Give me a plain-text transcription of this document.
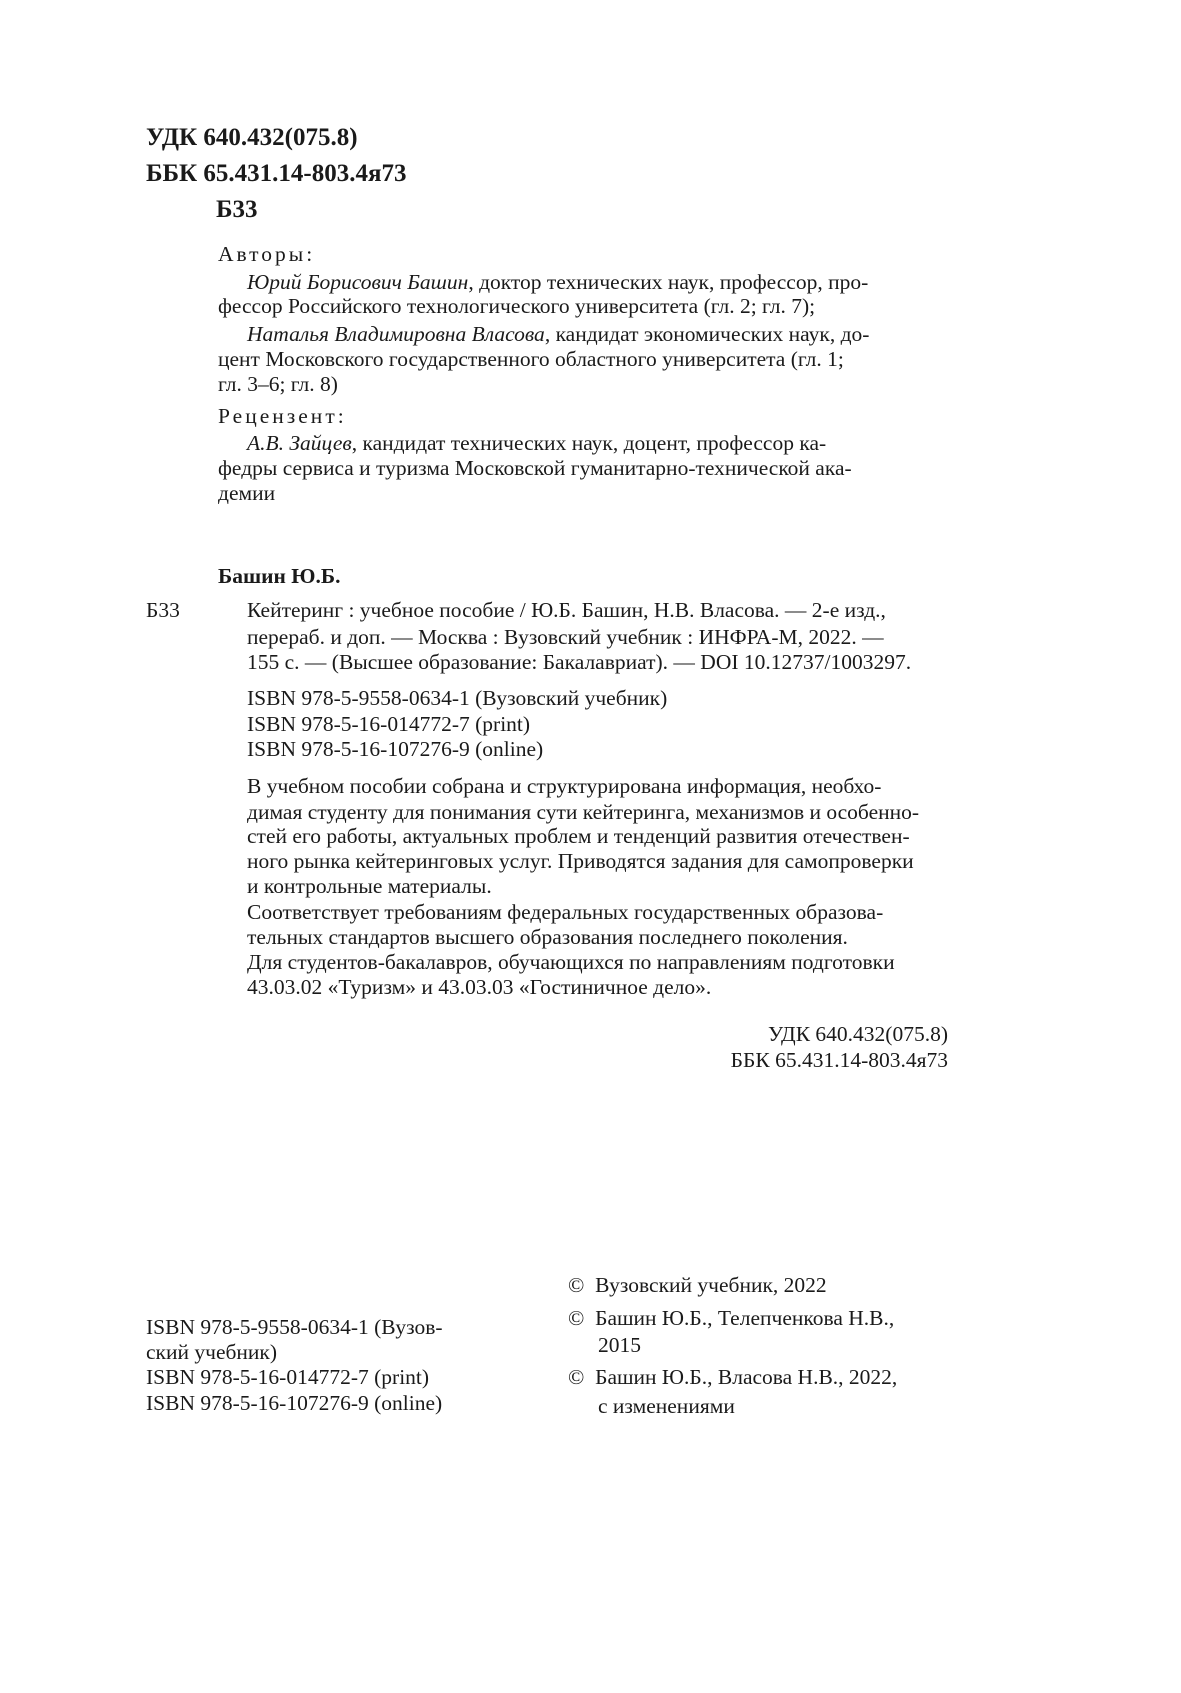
УДК 640.432(075.8)
ББК 65.431.14-803.4я73
Б33
Авторы:
Юрий Борисович Башин, доктор технических наук, профессор, про-
фессор Российского технологического университета (гл. 2; гл. 7);
Наталья Владимировна Власова, кандидат экономических наук, до-
цент Московского государственного областного университета (гл. 1;
гл. 3–6; гл. 8)
Рецензент:
А.В. Зайцев, кандидат технических наук, доцент, профессор ка-
федры сервиса и туризма Московской гуманитарно-технической ака-
демии
Башин Ю.Б.
Б33	Кейтеринг : учебное пособие / Ю.Б. Башин, Н.В. Власова. — 2-е изд.,
перераб. и доп. — Москва : Вузовский учебник : ИНФРА-М, 2022. —
155 с. — (Высшее образование: Бакалавриат). — DOI 10.12737/1003297.
ISBN 978-5-9558-0634-1 (Вузовский учебник)
ISBN 978-5-16-014772-7 (print)
ISBN 978-5-16-107276-9 (online)
В учебном пособии собрана и структурирована информация, необхо-
димая студенту для понимания сути кейтеринга, механизмов и особенно-
стей его работы, актуальных проблем и тенденций развития отечествен-
ного рынка кейтеринговых услуг. Приводятся задания для самопроверки
и контрольные материалы.
Соответствует требованиям федеральных государственных образова-
тельных стандартов высшего образования последнего поколения.
Для студентов-бакалавров, обучающихся по направлениям подготовки
43.03.02 «Туризм» и 43.03.03 «Гостиничное дело».
УДК 640.432(075.8)
ББК 65.431.14-803.4я73
ISBN 978-5-9558-0634-1 (Вузов-
ский учебник)
ISBN 978-5-16-014772-7 (print)
ISBN 978-5-16-107276-9 (online)
© Вузовский учебник, 2022
© Башин Ю.Б., Телепченкова Н.В.,
2015
© Башин Ю.Б., Власова Н.В., 2022,
с изменениями
